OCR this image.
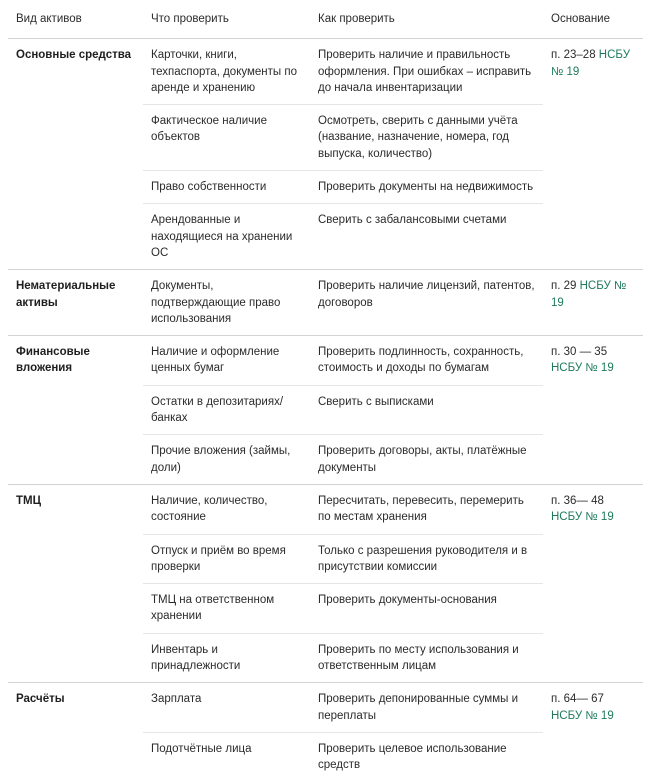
Вид активов	Что проверить	Как проверить	Основание
Основные средства	Карточки, книги, техпаспорта, документы по аренде и хранению	Проверить наличие и правильность оформления. При ошибках – исправить до начала инвентаризации	п. 23–28 НСБУ № 19
	Фактическое наличие объектов	Осмотреть, сверить с данными учёта (название, назначение, номера, год выпуска, количество)	
	Право собственности	Проверить документы на недвижимость	
	Арендованные и находящиеся на хранении ОС	Сверить с забалансовыми счетами	
Нематериальные активы	Документы, подтверждающие право использования	Проверить наличие лицензий, патентов, договоров	п. 29 НСБУ № 19
Финансовые вложения	Наличие и оформление ценных бумаг	Проверить подлинность, сохранность, стоимость и доходы по бумагам	п. 30 — 35 НСБУ № 19
	Остатки в депозитариях/банках	Сверить с выписками	
	Прочие вложения (займы, доли)	Проверить договоры, акты, платёжные документы	
ТМЦ	Наличие, количество, состояние	Пересчитать, перевесить, перемерить по местам хранения	п. 36— 48 НСБУ № 19
	Отпуск и приём во время проверки	Только с разрешения руководителя и в присутствии комиссии	
	ТМЦ на ответственном хранении	Проверить документы-основания	
	Инвентарь и принадлежности	Проверить по месту использования и ответственным лицам	
Расчёты	Зарплата	Проверить депонированные суммы и переплаты	п. 64— 67 НСБУ № 19
	Подотчётные лица	Проверить целевое использование средств	
